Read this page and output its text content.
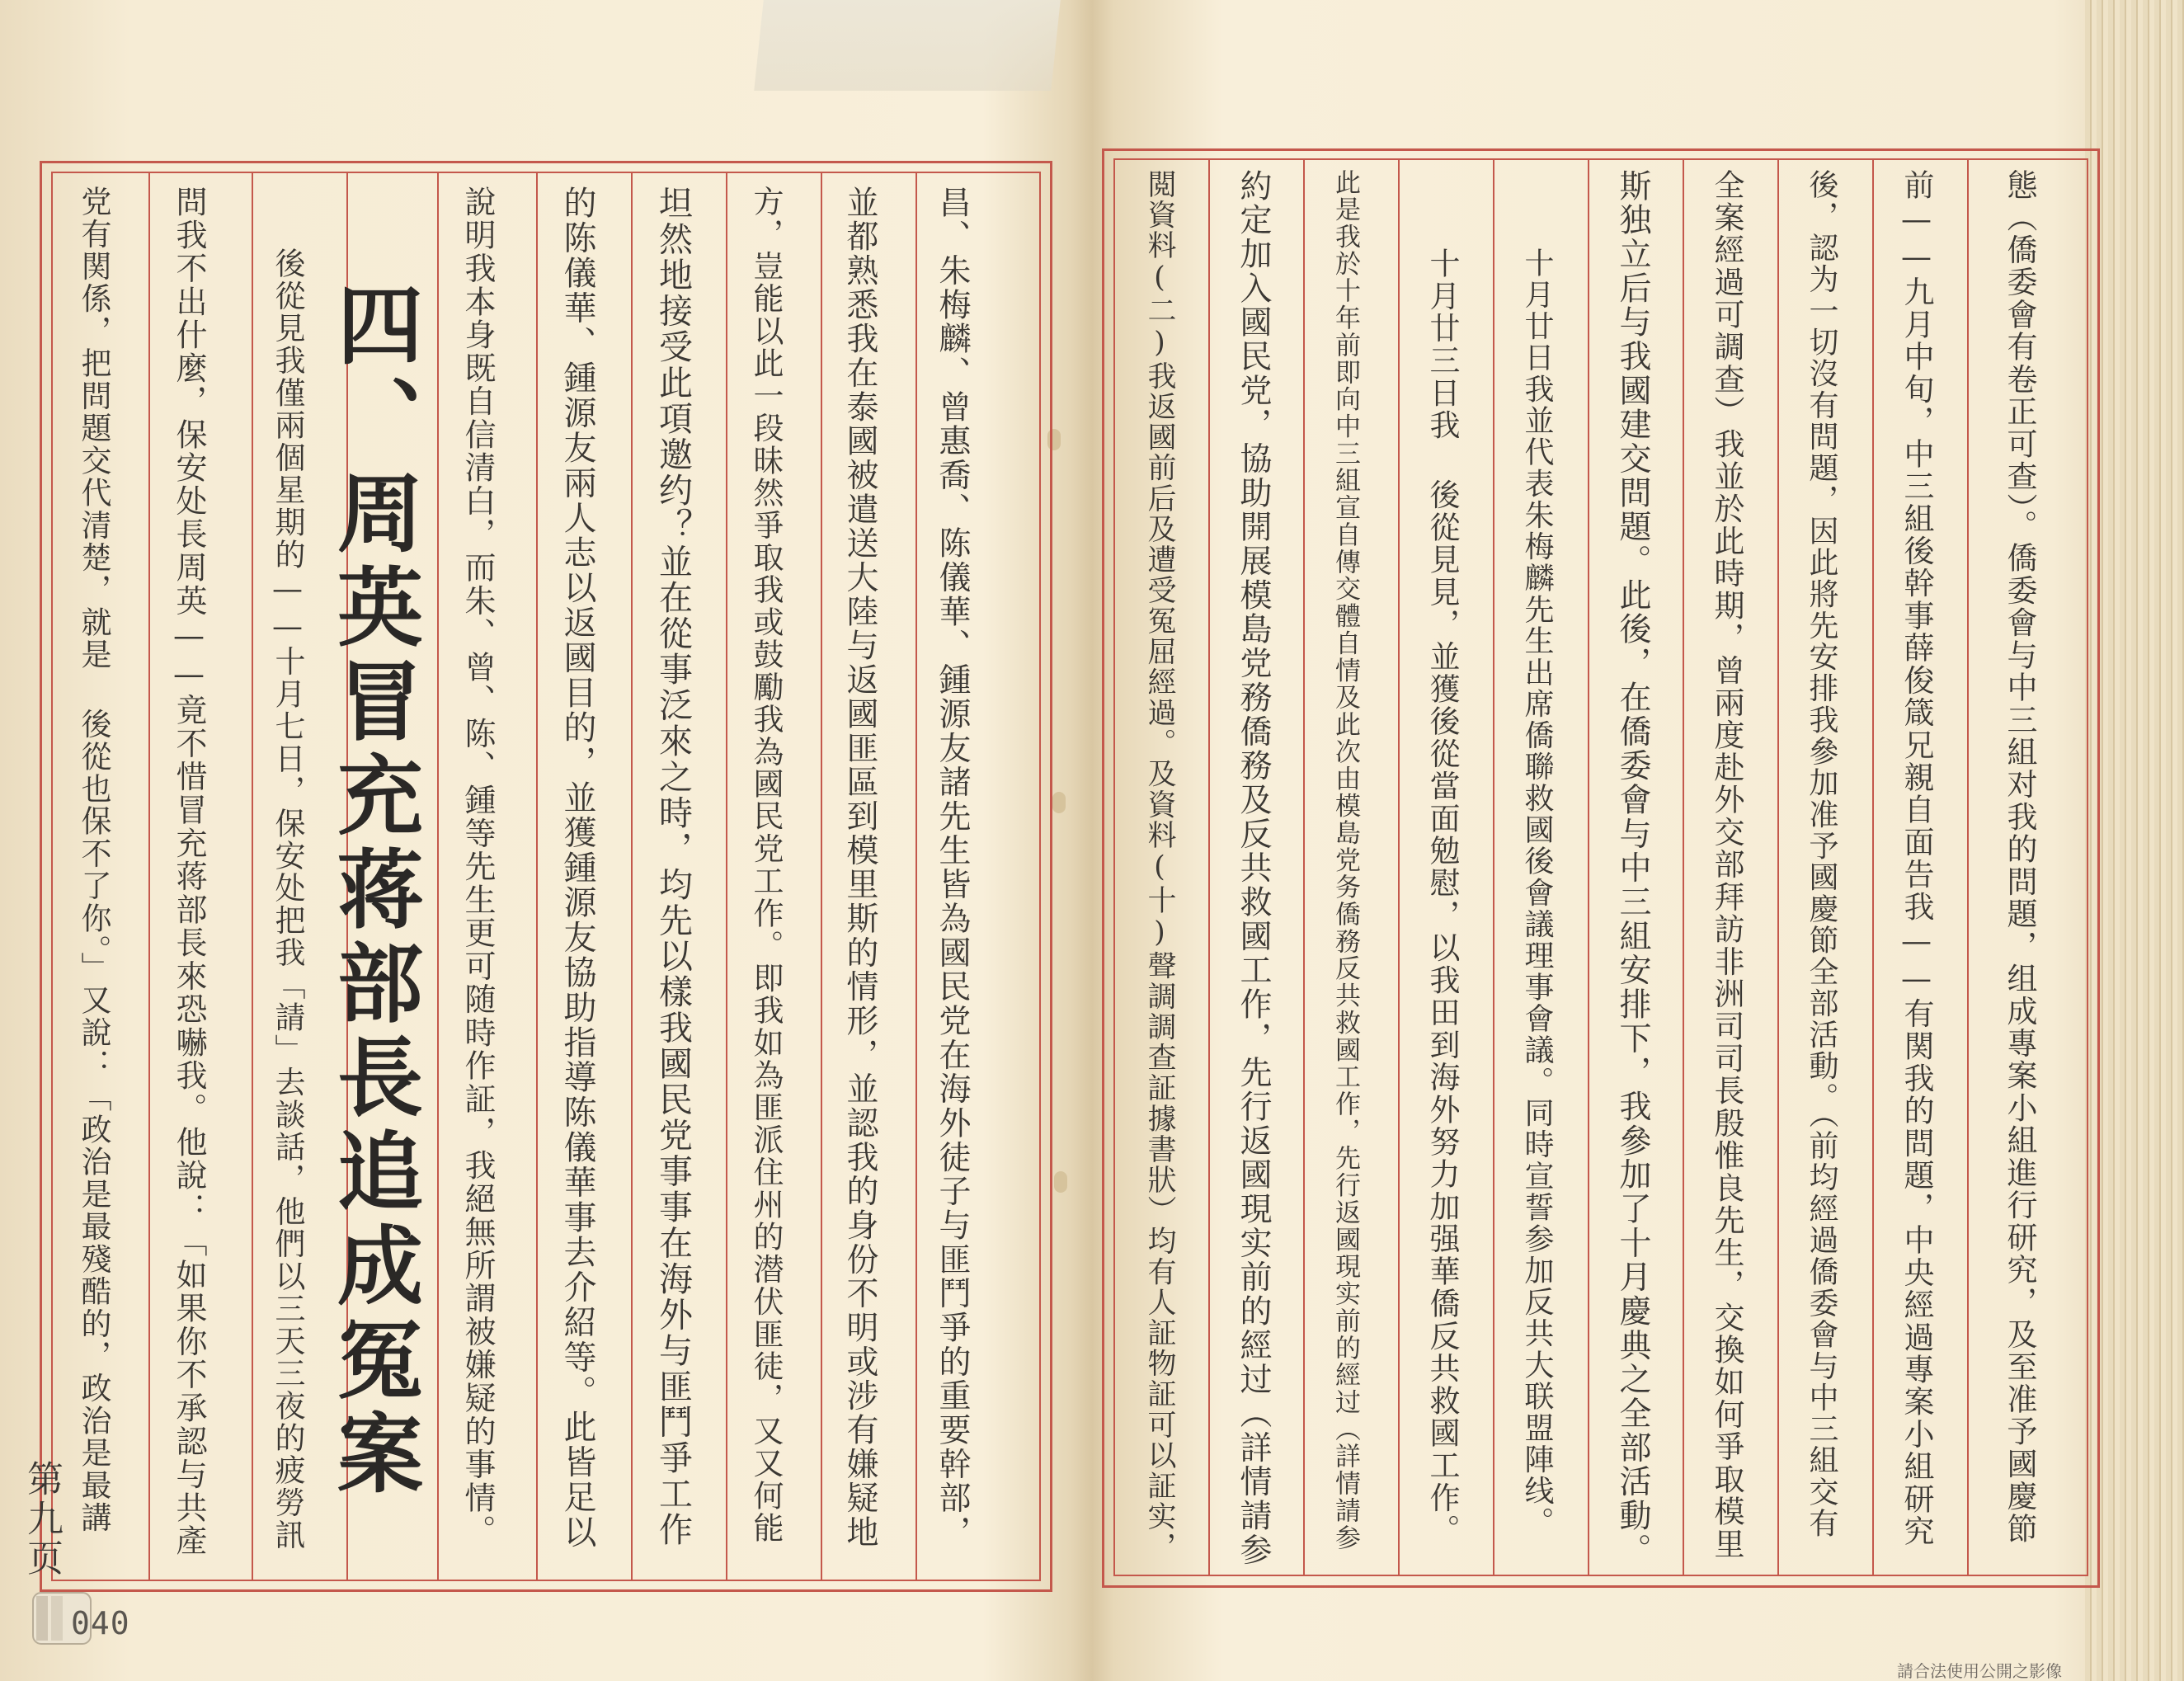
昌、朱梅麟、曾惠喬、陈儀華、鍾源友諸先生皆為國民党在海外徒子与匪鬥爭的重要幹部，
並都熟悉我在泰國被遣送大陸与返國匪區到模里斯的情形，並認我的身份不明或涉有嫌疑地
方，豈能以此一段昧然爭取我或鼓勵我為國民党工作。即我如為匪派住州的潜伏匪徒，又又何能
坦然地接受此項邀约？並在從事泛來之時，均先以樣我國民党事事在海外与匪鬥爭工作
的陈儀華、鍾源友兩人志以返國目的，並獲鍾源友協助指導陈儀華事去介紹等。此皆足以
說明我本身既自信清白，而朱、曾、陈、鍾等先生更可随時作証，我絕無所謂被嫌疑的事情。
四、周英冒充蒋部長追成冤案
後從見我僅兩個星期的——十月七日，保安处把我「請」去談話，他們以三天三夜的疲勞訊
問我不出什麼，保安处長周英——竟不惜冒充蒋部長來恐嚇我。他說：「如果你不承認与共產
党有関係，把問題交代清楚，就是 後從也保不了你。」又說：「政治是最殘酷的，政治是最講
第九页
040
態（僑委會有卷正可查）。僑委會与中三組对我的問題，组成專案小組進行研究，及至准予國慶節
前——九月中旬，中三組後幹事薛俊箴兄親自面告我——有関我的問題，中央經過專案小組研究
後，認为一切沒有問題，因此將先安排我參加准予國慶節全部活動。（前均經過僑委會与中三組交有
全案經過可調查）我並於此時期，曾兩度赴外交部拜訪非洲司司長殷惟良先生，交換如何爭取模里
斯独立后与我國建交問題。此後，在僑委會与中三組安排下，我參加了十月慶典之全部活動。
十月廿日我並代表朱梅麟先生出席僑聯救國後會議理事會議。同時宣誓参加反共大联盟陣线。
十月廿三日我 後從見見，並獲後從當面勉慰，以我田到海外努力加强華僑反共救國工作。
此是我於十年前即向中三組宣自傳交體自情及此次由模島党务僑務反共救國工作，先行返國現实前的經过（詳情請参
約定加入國民党，協助開展模島党務僑務及反共救國工作，先行返國現实前的經过（詳情請参
閲資料(二)我返國前后及遭受冤屈經過。及資料(十)聲調調查証據書狀）均有人証物証可以証实，
請合法使用公開之影像
